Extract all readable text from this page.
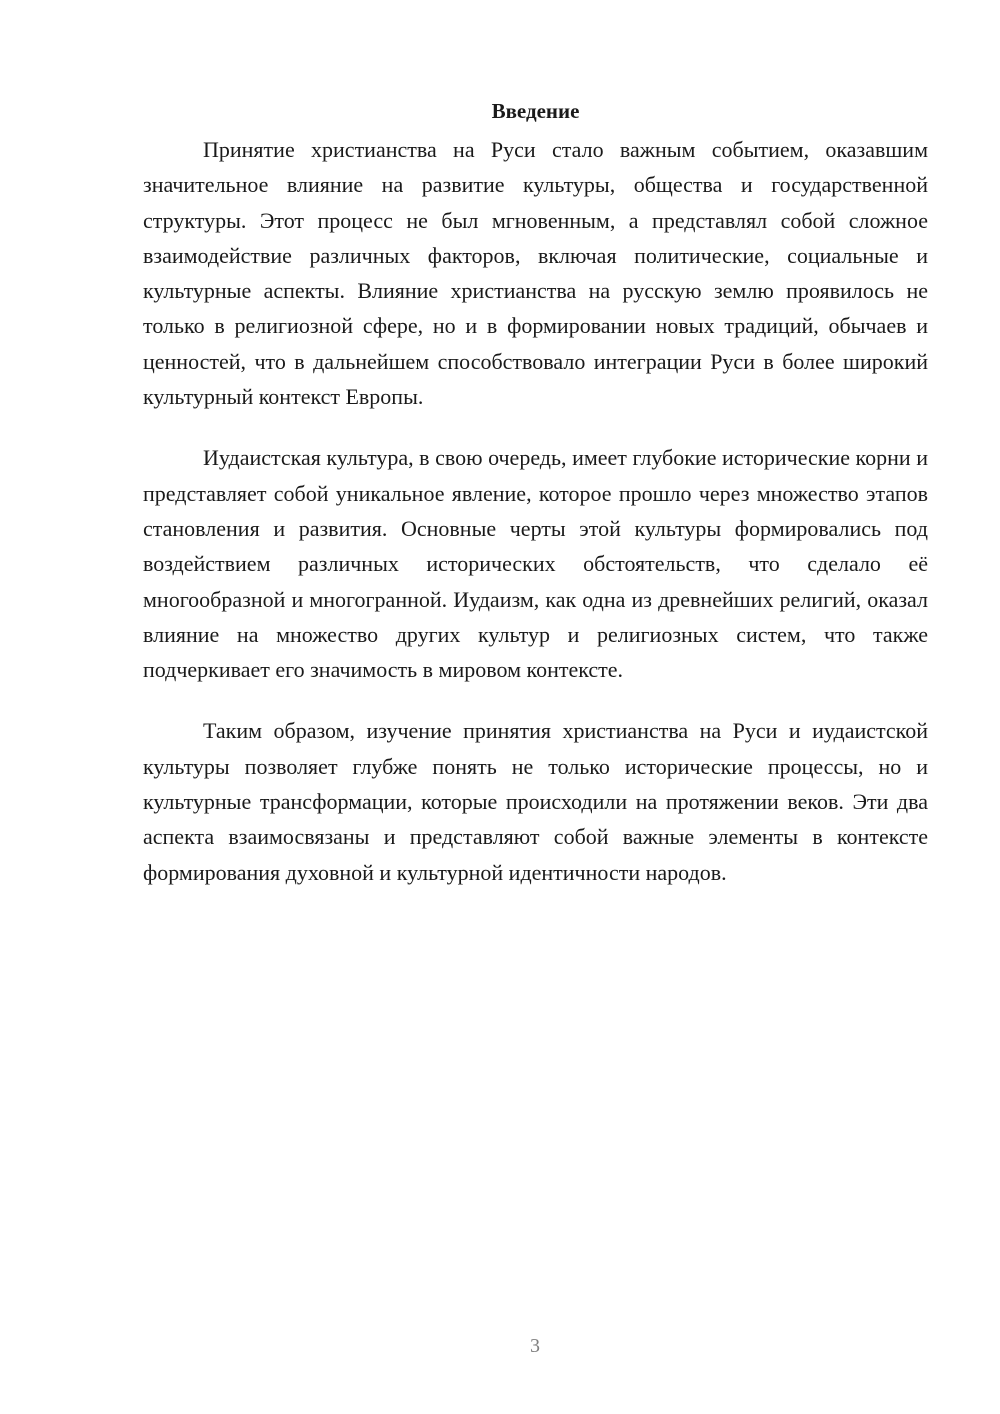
Введение

Принятие христианства на Руси стало важным событием, оказавшим значительное влияние на развитие культуры, общества и государственной структуры. Этот процесс не был мгновенным, а представлял собой сложное взаимодействие различных факторов, включая политические, социальные и культурные аспекты. Влияние христианства на русскую землю проявилось не только в религиозной сфере, но и в формировании новых традиций, обычаев и ценностей, что в дальнейшем способствовало интеграции Руси в более широкий культурный контекст Европы.

Иудаистская культура, в свою очередь, имеет глубокие исторические корни и представляет собой уникальное явление, которое прошло через множество этапов становления и развития. Основные черты этой культуры формировались под воздействием различных исторических обстоятельств, что сделало её многообразной и многогранной. Иудаизм, как одна из древнейших религий, оказал влияние на множество других культур и религиозных систем, что также подчеркивает его значимость в мировом контексте.

Таким образом, изучение принятия христианства на Руси и иудаистской культуры позволяет глубже понять не только исторические процессы, но и культурные трансформации, которые происходили на протяжении веков. Эти два аспекта взаимосвязаны и представляют собой важные элементы в контексте формирования духовной и культурной идентичности народов.

3
